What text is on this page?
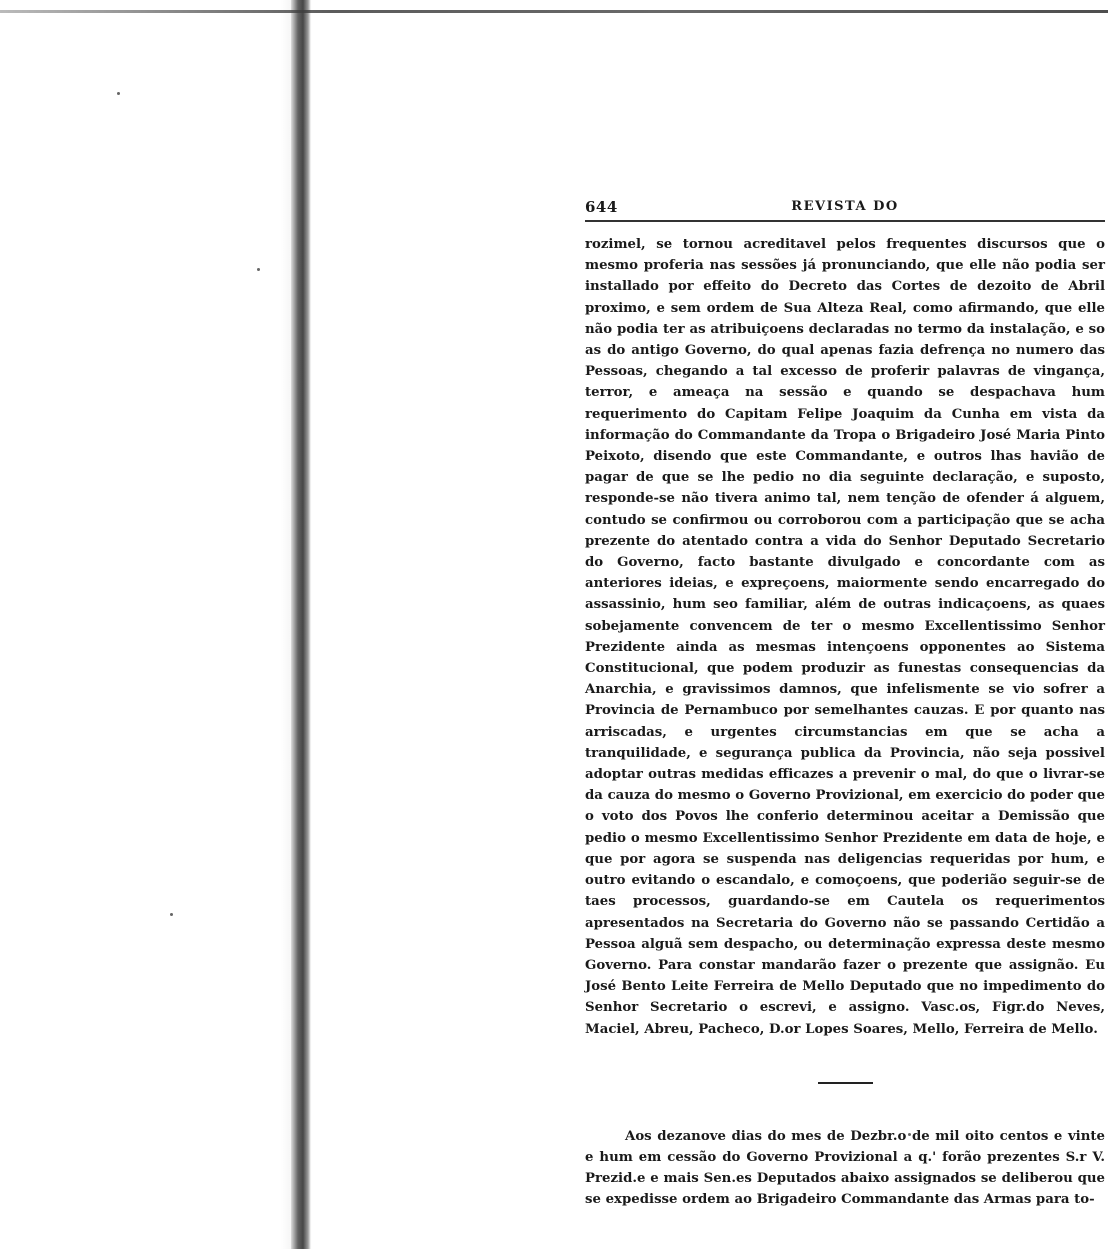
644	REVISTA DO

rozimel, se tornou acreditavel pelos frequentes discursos que o mesmo proferia nas sessões já pronunciando, que elle não podia ser installado por effeito do Decreto das Cortes de dezoito de Abril proximo, e sem ordem de Sua Alteza Real, como afirmando, que elle não podia ter as atribuiçoens declaradas no termo da instalação, e so as do antigo Governo, do qual apenas fazia defrença no numero das Pessoas, chegando a tal excesso de proferir palavras de vingança, terror, e ameaça na sessão e quando se despachava hum requerimento do Capitam Felipe Joaquim da Cunha em vista da informação do Commandante da Tropa o Brigadeiro José Maria Pinto Peixoto, disendo que este Commandante, e outros lhas havião de pagar de que se lhe pedio no dia seguinte declaração, e suposto, responde-se não tivera animo tal, nem tenção de ofender á alguem, contudo se confirmou ou corroborou com a participação que se acha prezente do atentado contra a vida do Senhor Deputado Secretario do Governo, facto bastante divulgado e concordante com as anteriores ideias, e expreçoens, maiormente sendo encarregado do assassinio, hum seo familiar, além de outras indicaçoens, as quaes sobejamente convencem de ter o mesmo Excellentissimo Senhor Prezidente ainda as mesmas intençoens opponentes ao Sistema Constitucional, que podem produzir as funestas consequencias da Anarchia, e gravissimos damnos, que infelismente se vio sofrer a Provincia de Pernambuco por semelhantes cauzas. E por quanto nas arriscadas, e urgentes circumstancias em que se acha a tranquilidade, e segurança publica da Provincia, não seja possivel adoptar outras medidas efficazes a prevenir o mal, do que o livrar-se da cauza do mesmo o Governo Provizional, em exercicio do poder que o voto dos Povos lhe conferio determinou aceitar a Demissão que pedio o mesmo Excellentissimo Senhor Prezidente em data de hoje, e que por agora se suspenda nas deligencias requeridas por hum, e outro evitando o escandalo, e comoçoens, que poderião seguir-se de taes processos, guardando-se em Cautela os requerimentos apresentados na Secretaria do Governo não se passando Certidão a Pessoa alguã sem despacho, ou determinação expressa deste mesmo Governo. Para constar mandarão fazer o prezente que assignão. Eu José Bento Leite Ferreira de Mello Deputado que no impedimento do Senhor Secretario o escrevi, e assigno. Vasc.os, Figr.do Neves, Maciel, Abreu, Pacheco, D.or Lopes Soares, Mello, Ferreira de Mello.

Aos dezanove dias do mes de Dezbr.o de mil oito centos e vinte e hum em cessão do Governo Provizional a q.' forão prezentes S.r V. Prezid.e e mais Sen.es Deputados abaixo assignados se deliberou que se expedisse ordem ao Brigadeiro Commandante das Armas para to-
